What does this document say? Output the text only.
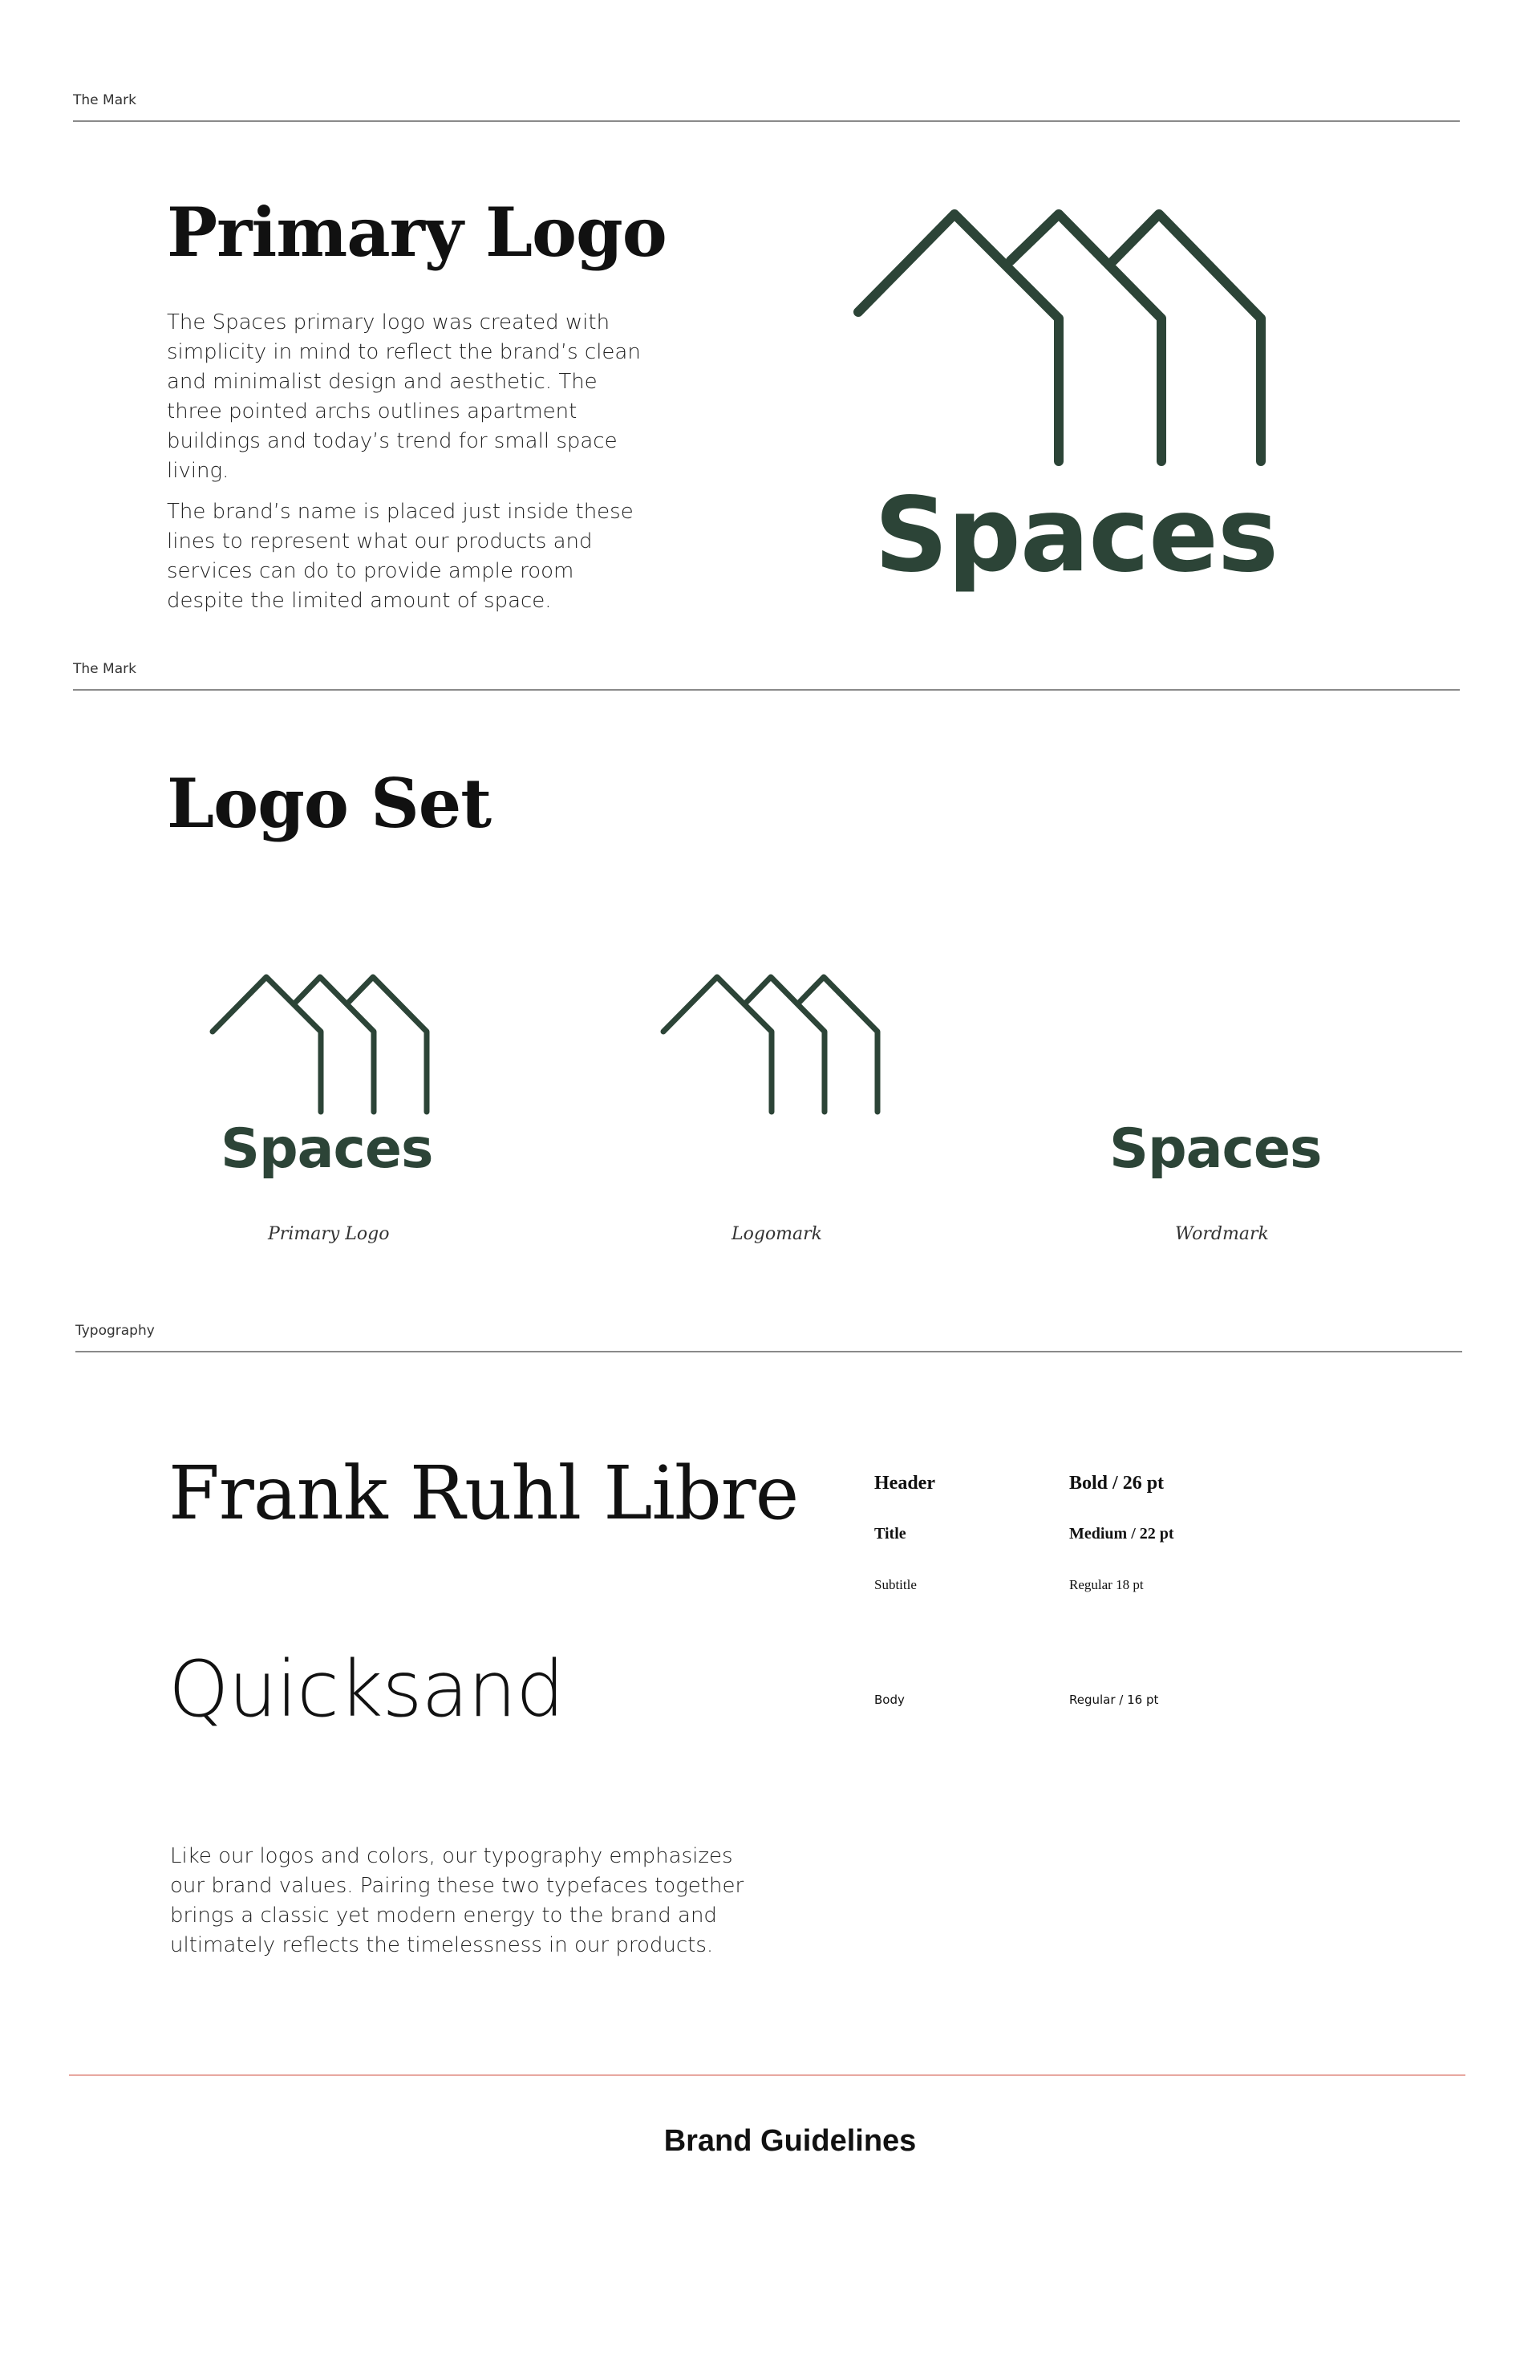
The Mark
Primary Logo

The Spaces primary logo was created with simplicity in mind to reflect the brand’s clean and minimalist design and aesthetic. The three pointed archs outlines apartment buildings and today’s trend for small space living.

The brand’s name is placed just inside these lines to represent what our products and services can do to provide ample room despite the limited amount of space.

Spaces
The Mark
Logo Set
Spaces
Primary Logo	Logomark
Spaces
Wordmark
Typography
Frank Ruhl Libre
Quicksand
Header	Bold / 26 pt
Title	Medium / 22 pt
Subtitle	Regular 18 pt
Body	Regular / 16 pt

Like our logos and colors, our typography emphasizes our brand values. Pairing these two typefaces together brings a classic yet modern energy to the brand and ultimately reflects the timelessness in our products.

Brand Guidelines
